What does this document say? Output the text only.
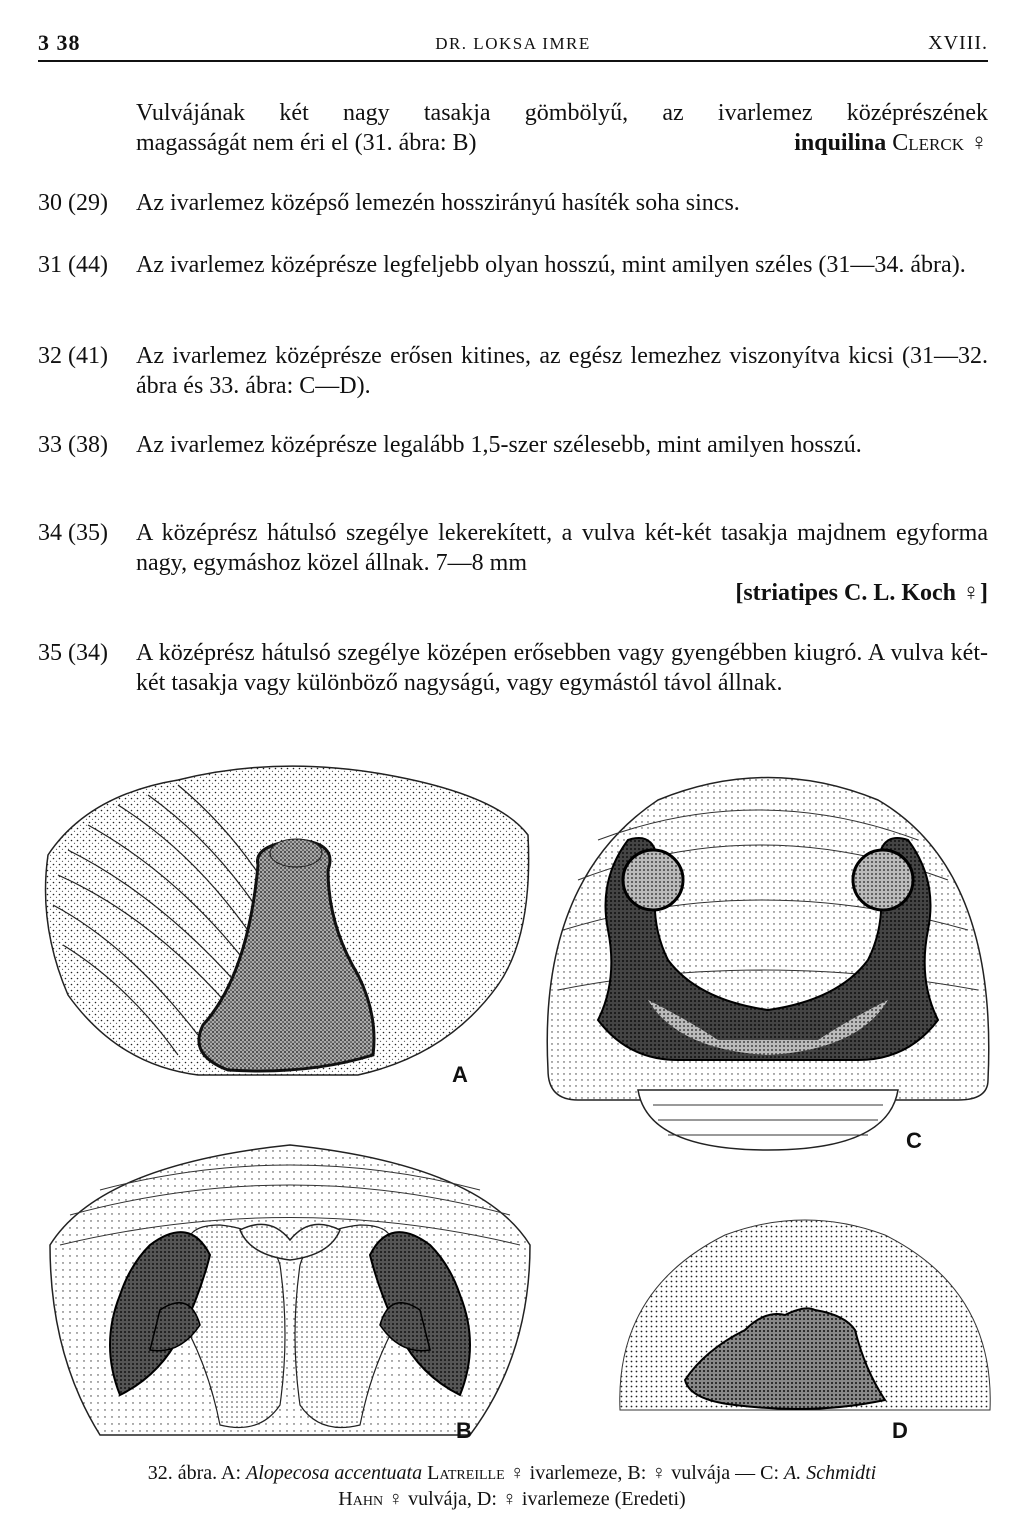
3 38	DR. LOKSA IMRE	XVIII.
Vulvájának két nagy tasakja gömbölyű, az ivarlemez középrészének
magasságát nem éri el (31. ábra: B)	inquilina Clerck ♀
30 (29) Az ivarlemez középső lemezén hosszirányú hasíték soha sincs.
31 (44) Az ivarlemez középrésze legfeljebb olyan hosszú, mint amilyen széles (31—34. ábra).
32 (41) Az ivarlemez középrésze erősen kitines, az egész lemezhez viszonyítva kicsi (31—32. ábra és 33. ábra: C—D).
33 (38) Az ivarlemez középrésze legalább 1,5-szer szélesebb, mint amilyen hosszú.
34 (35) A középrész hátulsó szegélye lekerekített, a vulva két-két tasakja majdnem egyforma nagy, egymáshoz közel állnak. 7—8 mm
[striatipes C. L. Koch ♀]
35 (34) A középrész hátulsó szegélye középen erősebben vagy gyengébben kiugró. A vulva két-két tasakja vagy különböző nagyságú, vagy egymástól távol állnak.
A
C
B	D
32. ábra. A: Alopecosa accentuata Latreille ♀ ivarlemeze, B: ♀ vulvája — C: A. Schmidti
Hahn ♀ vulvája, D: ♀ ivarlemeze (Eredeti)
